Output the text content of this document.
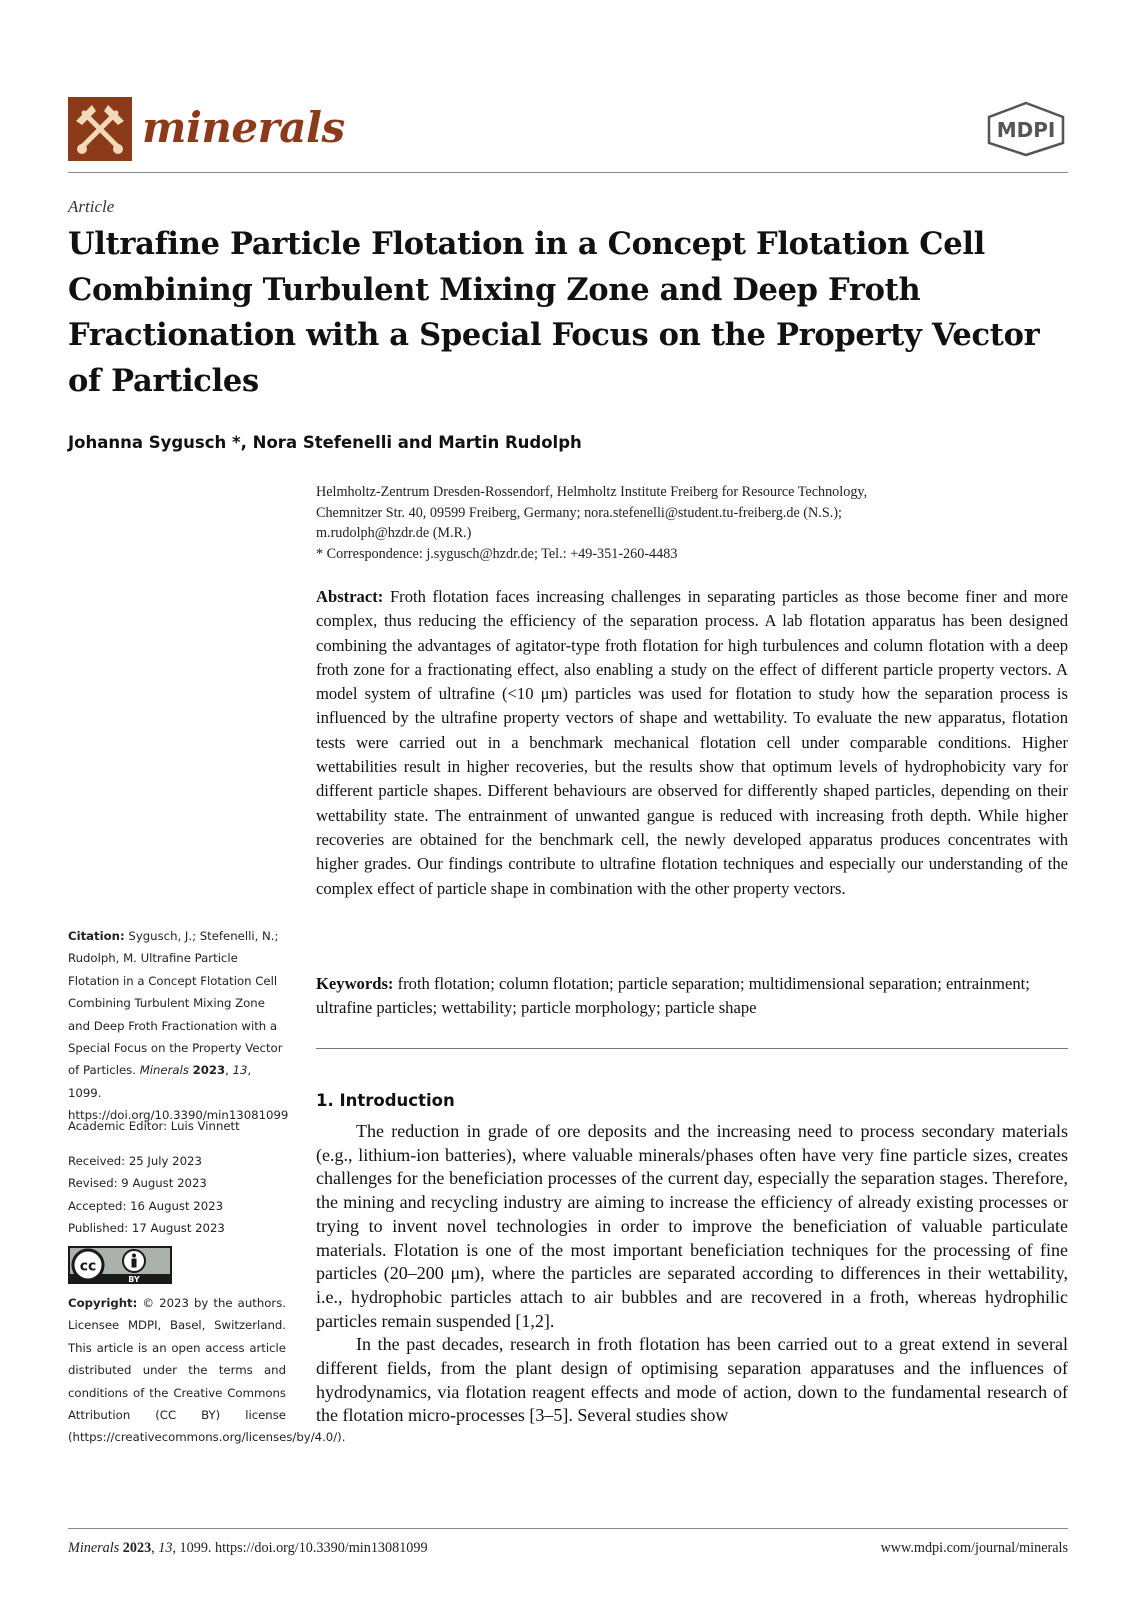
minerals	MDPI
Article
Ultrafine Particle Flotation in a Concept Flotation Cell Combining Turbulent Mixing Zone and Deep Froth Fractionation with a Special Focus on the Property Vector of Particles
Johanna Sygusch *, Nora Stefenelli and Martin Rudolph

Helmholtz-Zentrum Dresden-Rossendorf, Helmholtz Institute Freiberg for Resource Technology,

Chemnitzer Str. 40, 09599 Freiberg, Germany; nora.stefenelli@student.tu-freiberg.de (N.S.);

m.rudolph@hzdr.de (M.R.)

* Correspondence: j.sygusch@hzdr.de; Tel.: +49-351-260-4483

Abstract: Froth flotation faces increasing challenges in separating particles as those become finer and more complex, thus reducing the efficiency of the separation process. A lab flotation apparatus has been designed combining the advantages of agitator-type froth flotation for high turbulences and column flotation with a deep froth zone for a fractionating effect, also enabling a study on the effect of different particle property vectors. A model system of ultrafine (<10 μm) particles was used for flotation to study how the separation process is influenced by the ultrafine property vectors of shape and wettability. To evaluate the new apparatus, flotation tests were carried out in a benchmark mechanical flotation cell under comparable conditions. Higher wettabilities result in higher recoveries, but the results show that optimum levels of hydrophobicity vary for different particle shapes. Different behaviours are observed for differently shaped particles, depending on their wettability state. The entrainment of unwanted gangue is reduced with increasing froth depth. While higher recoveries are obtained for the benchmark cell, the newly developed apparatus produces concentrates with higher grades. Our findings contribute to ultrafine flotation techniques and especially our understanding of the complex effect of particle shape in combination with the other property vectors.

Keywords: froth flotation; column flotation; particle separation; multidimensional separation; entrainment; ultrafine particles; wettability; particle morphology; particle shape

1. Introduction

The reduction in grade of ore deposits and the increasing need to process secondary materials (e.g., lithium-ion batteries), where valuable minerals/phases often have very fine particle sizes, creates challenges for the beneficiation processes of the current day, especially the separation stages. Therefore, the mining and recycling industry are aiming to increase the efficiency of already existing processes or trying to invent novel technologies in order to improve the beneficiation of valuable particulate materials. Flotation is one of the most important beneficiation techniques for the processing of fine particles (20–200 μm), where the particles are separated according to differences in their wettability, i.e., hydrophobic particles attach to air bubbles and are recovered in a froth, whereas hydrophilic particles remain suspended [1,2].

In the past decades, research in froth flotation has been carried out to a great extend in several different fields, from the plant design of optimising separation apparatuses and the influences of hydrodynamics, via flotation reagent effects and mode of action, down to the fundamental research of the flotation micro-processes [3–5]. Several studies show

Citation: Sygusch, J.; Stefenelli, N.; Rudolph, M. Ultrafine Particle Flotation in a Concept Flotation Cell Combining Turbulent Mixing Zone and Deep Froth Fractionation with a Special Focus on the Property Vector of Particles. Minerals 2023, 13, 1099. https://doi.org/10.3390/min13081099

Academic Editor: Luis Vinnett

Received: 25 July 2023
Revised: 9 August 2023
Accepted: 16 August 2023
Published: 17 August 2023
cc
BY

Copyright: © 2023 by the authors. Licensee MDPI, Basel, Switzerland. This article is an open access article distributed under the terms and conditions of the Creative Commons Attribution (CC BY) license (https://creativecommons.org/licenses/by/4.0/).

Minerals 2023, 13, 1099. https://doi.org/10.3390/min13081099	www.mdpi.com/journal/minerals
